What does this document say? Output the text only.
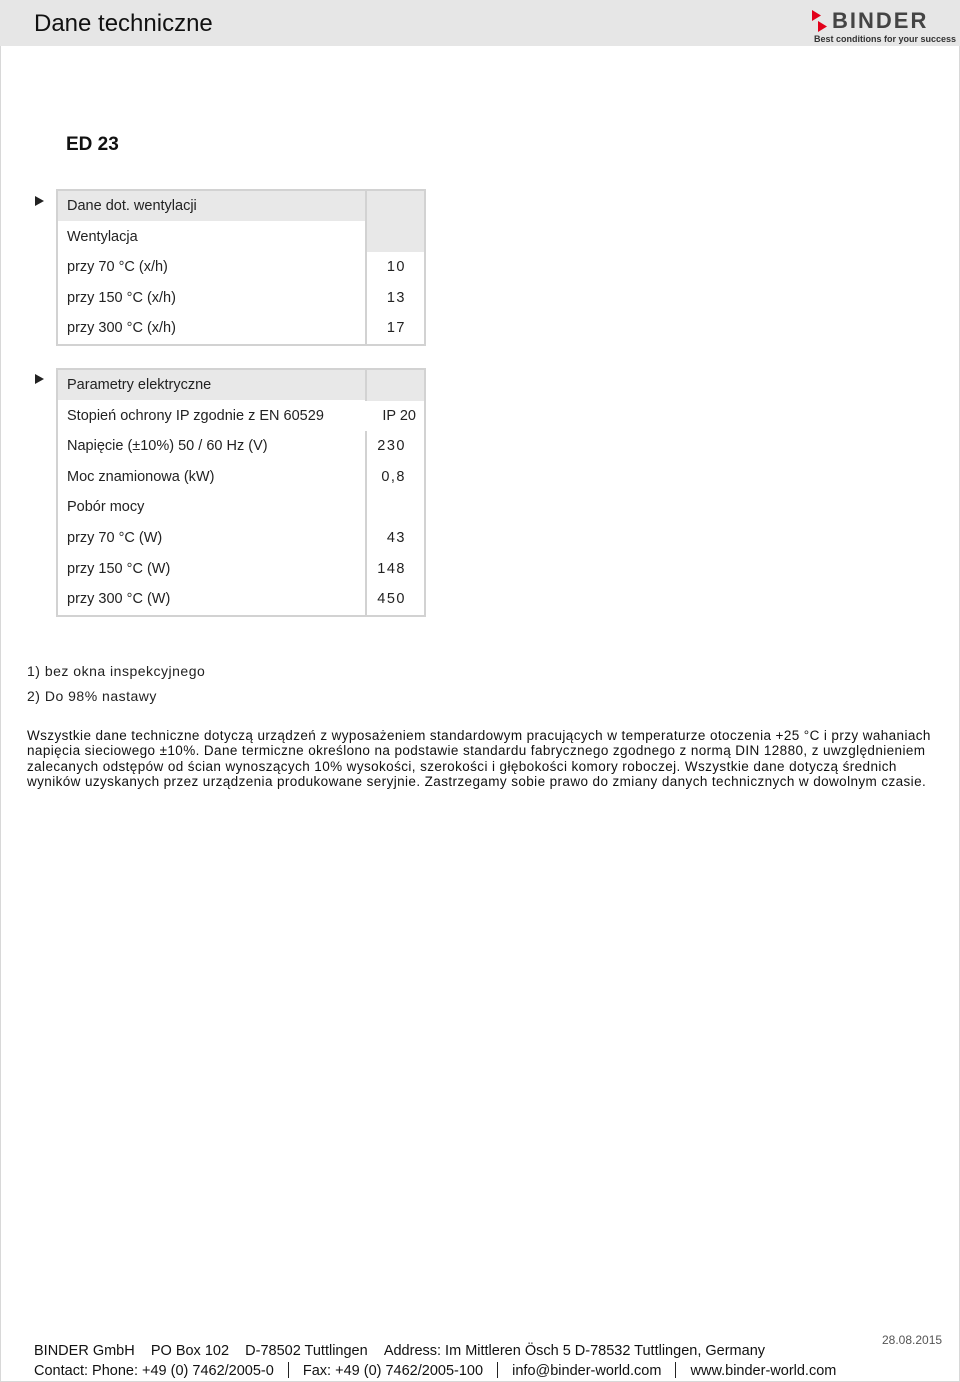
Dane techniczne	BINDER
Best conditions for your success
ED 23
Dane dot. wentylacji
Wentylacja
przy 70 °C (x/h)	10
przy 150 °C (x/h)	13
przy 300 °C (x/h)	17
Parametry elektryczne
Stopień ochrony IP zgodnie z EN 60529	IP 20
Napięcie (±10%) 50 / 60 Hz (V)	230
Moc znamionowa (kW)	0,8
Pobór mocy
przy 70 °C (W)	43
przy 150 °C (W)	148
przy 300 °C (W)	450
1) bez okna inspekcyjnego
2) Do 98% nastawy
Wszystkie dane techniczne dotyczą urządzeń z wyposażeniem standardowym pracujących w temperaturze otoczenia +25 °C i przy wahaniach napięcia sieciowego ±10%. Dane termiczne określono na podstawie standardu fabrycznego zgodnego z normą DIN 12880, z uwzględnieniem zalecanych odstępów od ścian wynoszących 10% wysokości, szerokości i głębokości komory roboczej. Wszystkie dane dotyczą średnich wyników uzyskanych przez urządzenia produkowane seryjnie. Zastrzegamy sobie prawo do zmiany danych technicznych w dowolnym czasie.
28.08.2015
BINDER GmbH PO Box 102 D-78502 Tuttlingen Address: Im Mittleren Ösch 5 D-78532 Tuttlingen, Germany
Contact: Phone: +49 (0) 7462/2005-0 Fax: +49 (0) 7462/2005-100 info@binder-world.com www.binder-world.com
